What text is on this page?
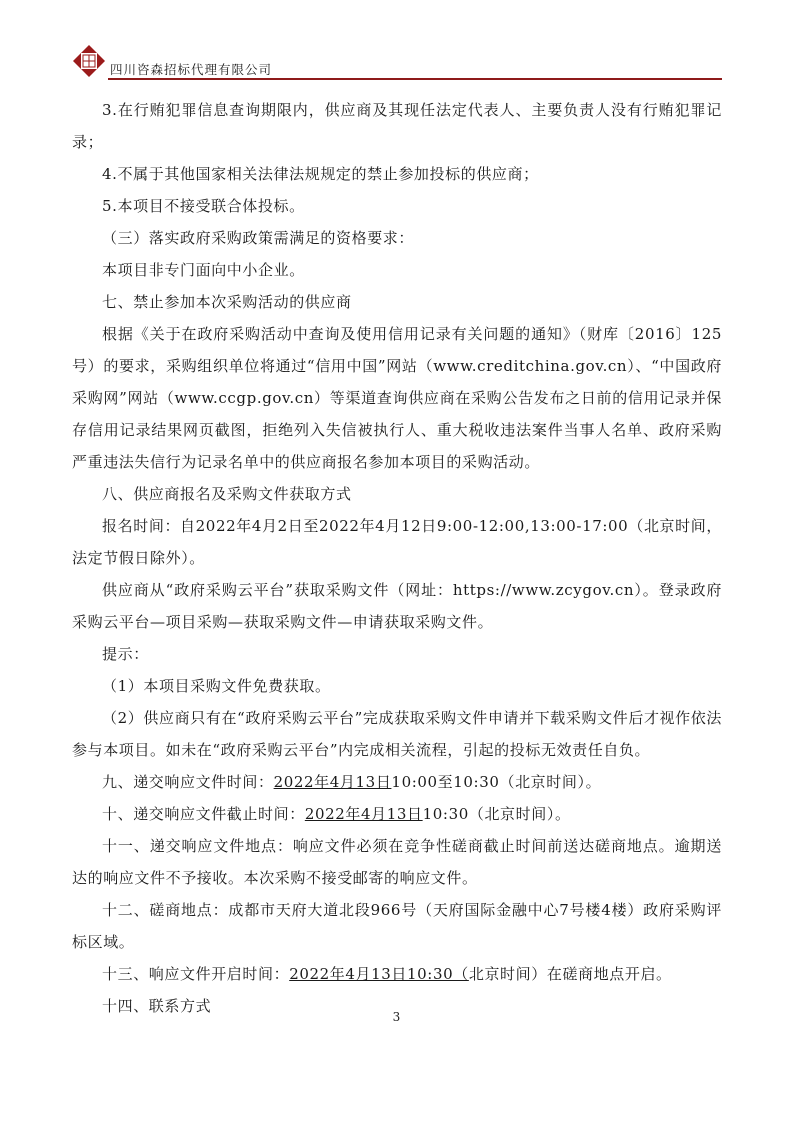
四川咨森招标代理有限公司

3.在行贿犯罪信息查询期限内，供应商及其现任法定代表人、主要负责人没有行贿犯罪记录；

4.不属于其他国家相关法律法规规定的禁止参加投标的供应商；

5.本项目不接受联合体投标。

（三）落实政府采购政策需满足的资格要求：

本项目非专门面向中小企业。

七、禁止参加本次采购活动的供应商

根据《关于在政府采购活动中查询及使用信用记录有关问题的通知》（财库〔2016〕125号）的要求，采购组织单位将通过“信用中国”网站（www.creditchina.gov.cn）、“中国政府采购网”网站（www.ccgp.gov.cn）等渠道查询供应商在采购公告发布之日前的信用记录并保存信用记录结果网页截图，拒绝列入失信被执行人、重大税收违法案件当事人名单、政府采购严重违法失信行为记录名单中的供应商报名参加本项目的采购活动。

八、供应商报名及采购文件获取方式

报名时间：自2022年4月2日至2022年4月12日9:00-12:00,13:00-17:00（北京时间，法定节假日除外）。

供应商从“政府采购云平台”获取采购文件（网址：https://www.zcygov.cn）。登录政府采购云平台—项目采购—获取采购文件—申请获取采购文件。

提示：

（1）本项目采购文件免费获取。

（2）供应商只有在“政府采购云平台”完成获取采购文件申请并下载采购文件后才视作依法参与本项目。如未在“政府采购云平台”内完成相关流程，引起的投标无效责任自负。

九、递交响应文件时间：2022年4月13日10:00至10:30（北京时间）。

十、递交响应文件截止时间：2022年4月13日10:30（北京时间）。

十一、递交响应文件地点：响应文件必须在竞争性磋商截止时间前送达磋商地点。逾期送达的响应文件不予接收。本次采购不接受邮寄的响应文件。

十二、磋商地点：成都市天府大道北段966号（天府国际金融中心7号楼4楼）政府采购评标区域。

十三、响应文件开启时间：2022年4月13日10:30（北京时间）在磋商地点开启。

十四、联系方式

3
